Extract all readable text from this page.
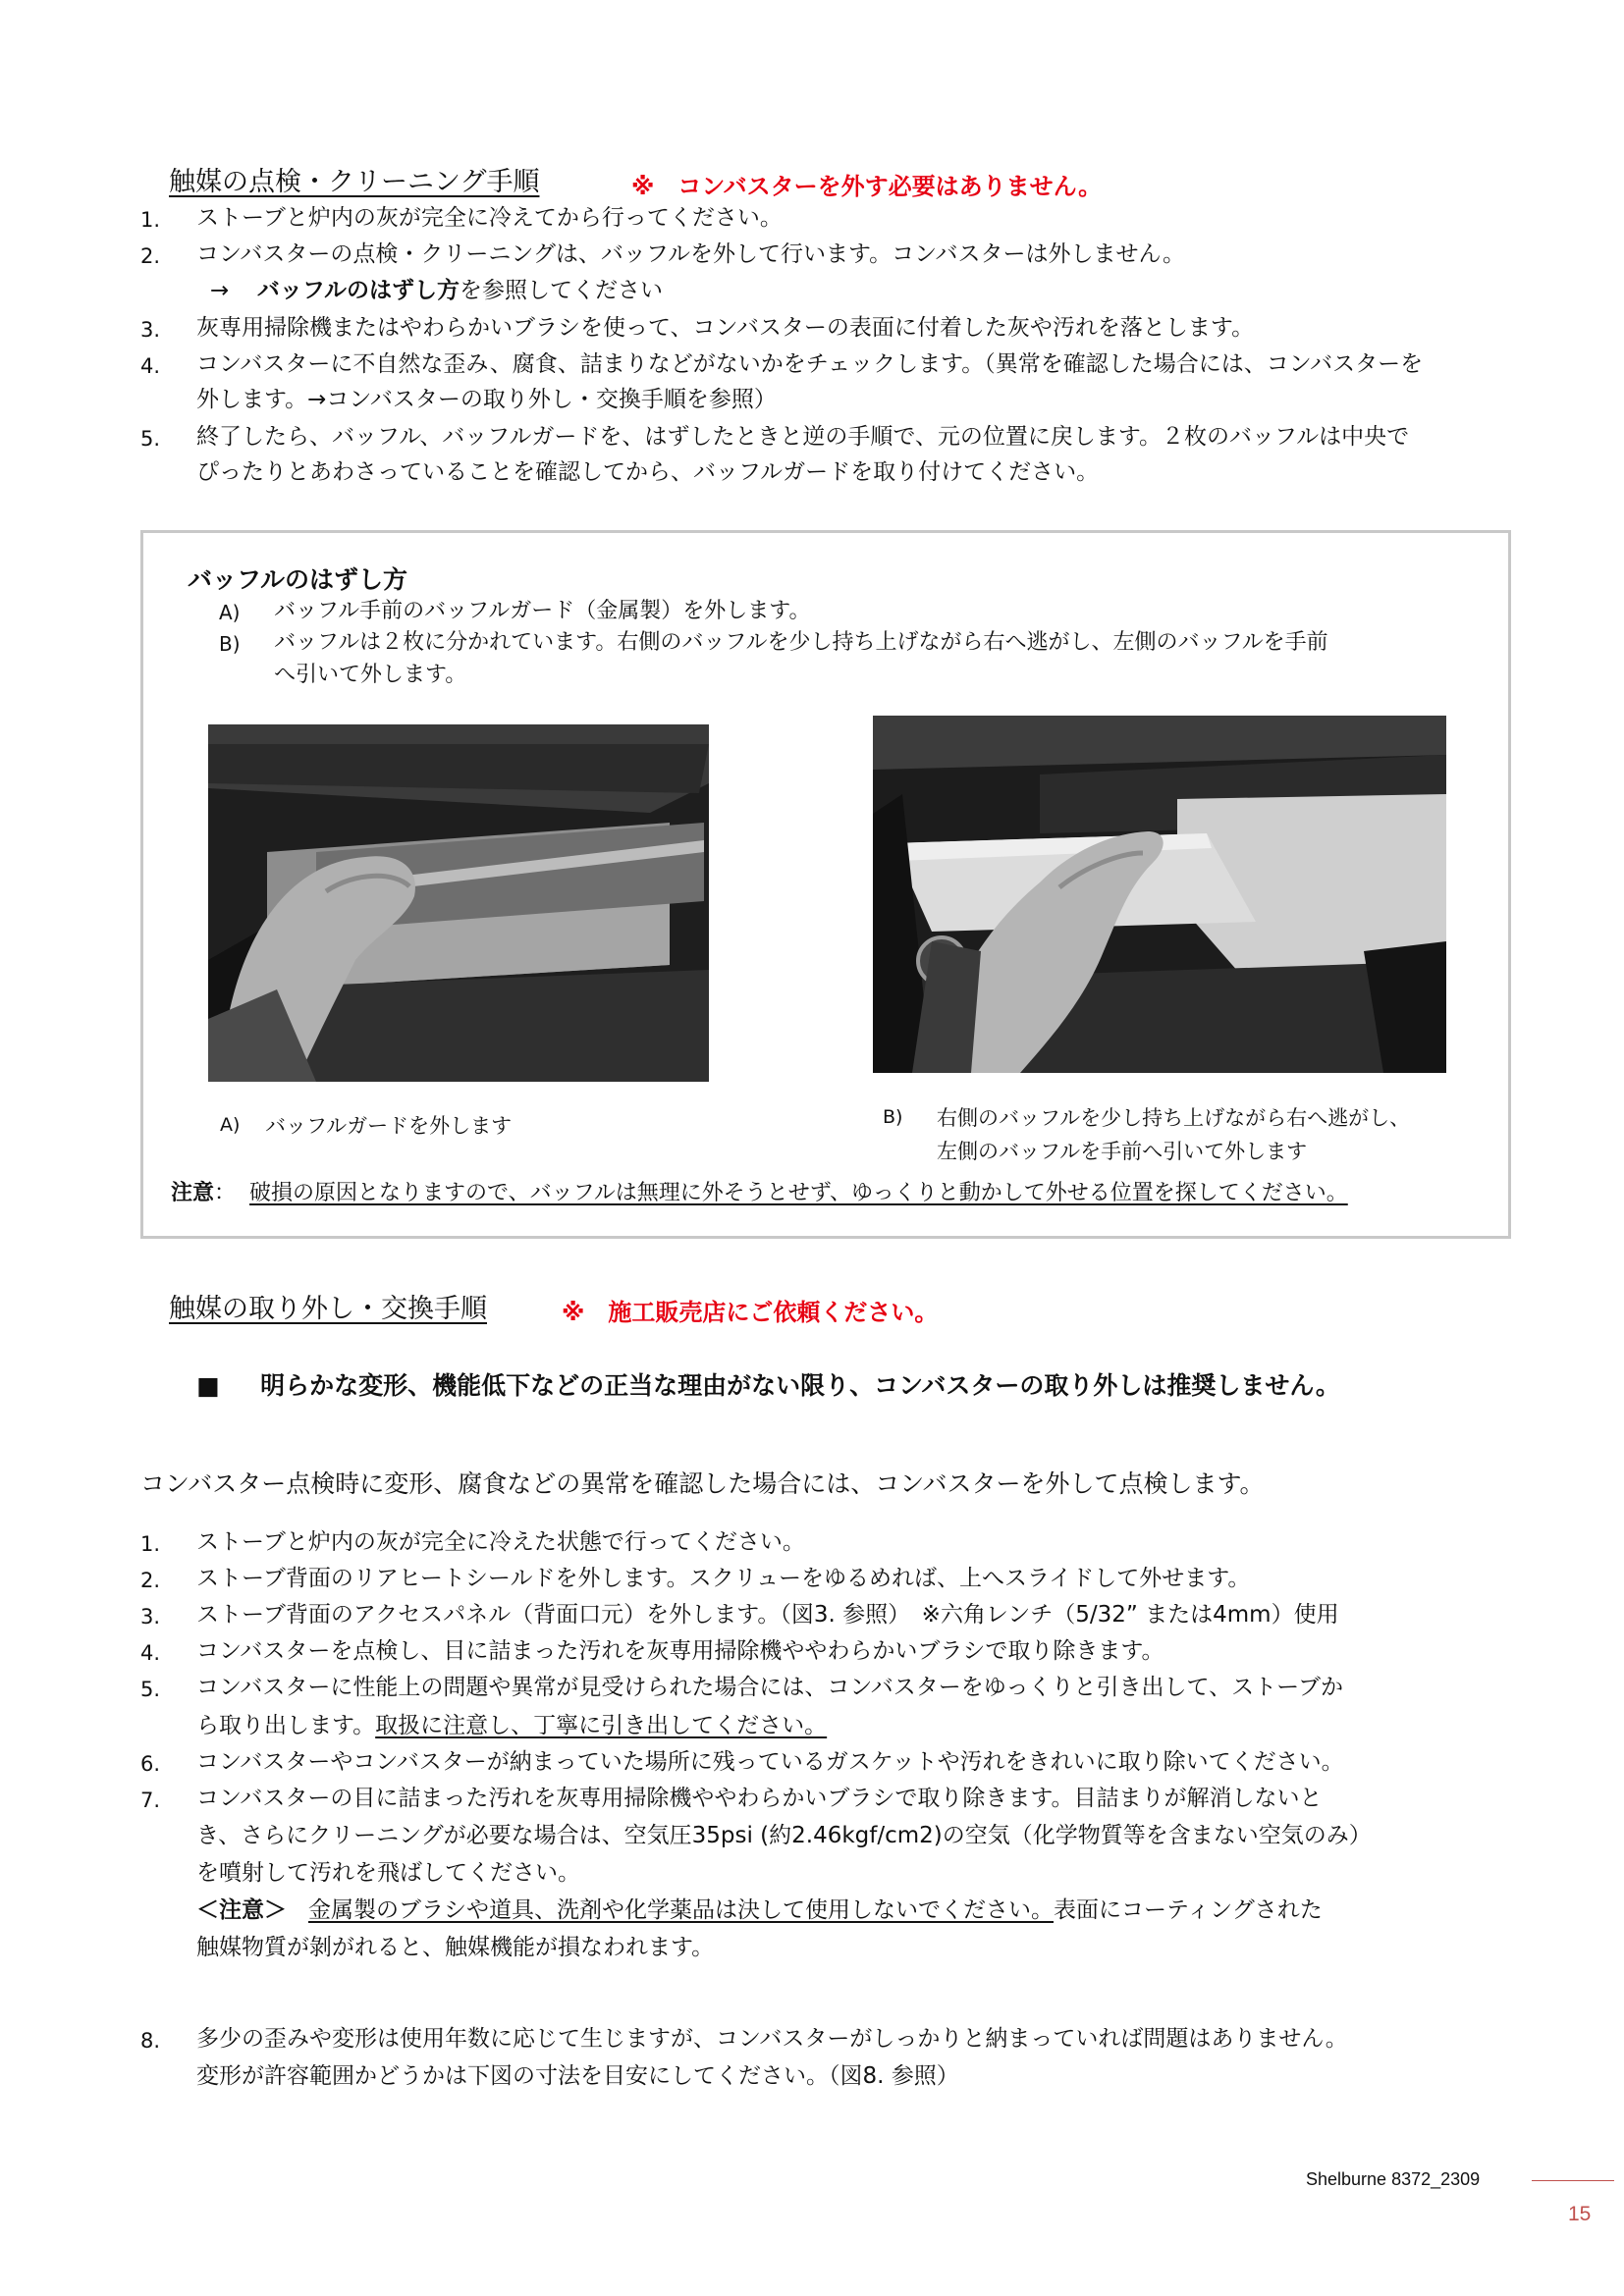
触媒の点検・クリーニング手順	※　コンバスターを外す必要はありません。
1. ストーブと炉内の灰が完全に冷えてから行ってください。
2. コンバスターの点検・クリーニングは、バッフルを外して行います。コンバスターは外しません。
→ バッフルのはずし方を参照してください
3. 灰専用掃除機またはやわらかいブラシを使って、コンバスターの表面に付着した灰や汚れを落とします。
4. コンバスターに不自然な歪み、腐食、詰まりなどがないかをチェックします。（異常を確認した場合には、コンバスターを
外します。→コンバスターの取り外し・交換手順を参照）
5. 終了したら、バッフル、バッフルガードを、はずしたときと逆の手順で、元の位置に戻します。２枚のバッフルは中央で
ぴったりとあわさっていることを確認してから、バッフルガードを取り付けてください。
バッフルのはずし方
A) バッフル手前のバッフルガード（金属製）を外します。
B) バッフルは２枚に分かれています。右側のバッフルを少し持ち上げながら右へ逃がし、左側のバッフルを手前
へ引いて外します。
A) バッフルガードを外します	B) 右側のバッフルを少し持ち上げながら右へ逃がし、
左側のバッフルを手前へ引いて外します
注意： 破損の原因となりますので、バッフルは無理に外そうとせず、ゆっくりと動かして外せる位置を探してください。
触媒の取り外し・交換手順	※　施工販売店にご依頼ください。
■ 明らかな変形、機能低下などの正当な理由がない限り、コンバスターの取り外しは推奨しません。
コンバスター点検時に変形、腐食などの異常を確認した場合には、コンバスターを外して点検します。
1. ストーブと炉内の灰が完全に冷えた状態で行ってください。
2. ストーブ背面のリアヒートシールドを外します。スクリューをゆるめれば、上へスライドして外せます。
3. ストーブ背面のアクセスパネル（背面口元）を外します。（図3. 参照）　※六角レンチ（5/32” または4mm）使用
4. コンバスターを点検し、目に詰まった汚れを灰専用掃除機ややわらかいブラシで取り除きます。
5. コンバスターに性能上の問題や異常が見受けられた場合には、コンバスターをゆっくりと引き出して、ストーブか
ら取り出します。取扱に注意し、丁寧に引き出してください。
6. コンバスターやコンバスターが納まっていた場所に残っているガスケットや汚れをきれいに取り除いてください。
7. コンバスターの目に詰まった汚れを灰専用掃除機ややわらかいブラシで取り除きます。目詰まりが解消しないと
き、さらにクリーニングが必要な場合は、空気圧35psi (約2.46kgf/cm2)の空気（化学物質等を含まない空気のみ）
を噴射して汚れを飛ばしてください。
＜注意＞ 金属製のブラシや道具、洗剤や化学薬品は決して使用しないでください。表面にコーティングされた
触媒物質が剝がれると、触媒機能が損なわれます。
8. 多少の歪みや変形は使用年数に応じて生じますが、コンバスターがしっかりと納まっていれば問題はありません。
変形が許容範囲かどうかは下図の寸法を目安にしてください。（図8. 参照）
Shelburne 8372_2309
15
